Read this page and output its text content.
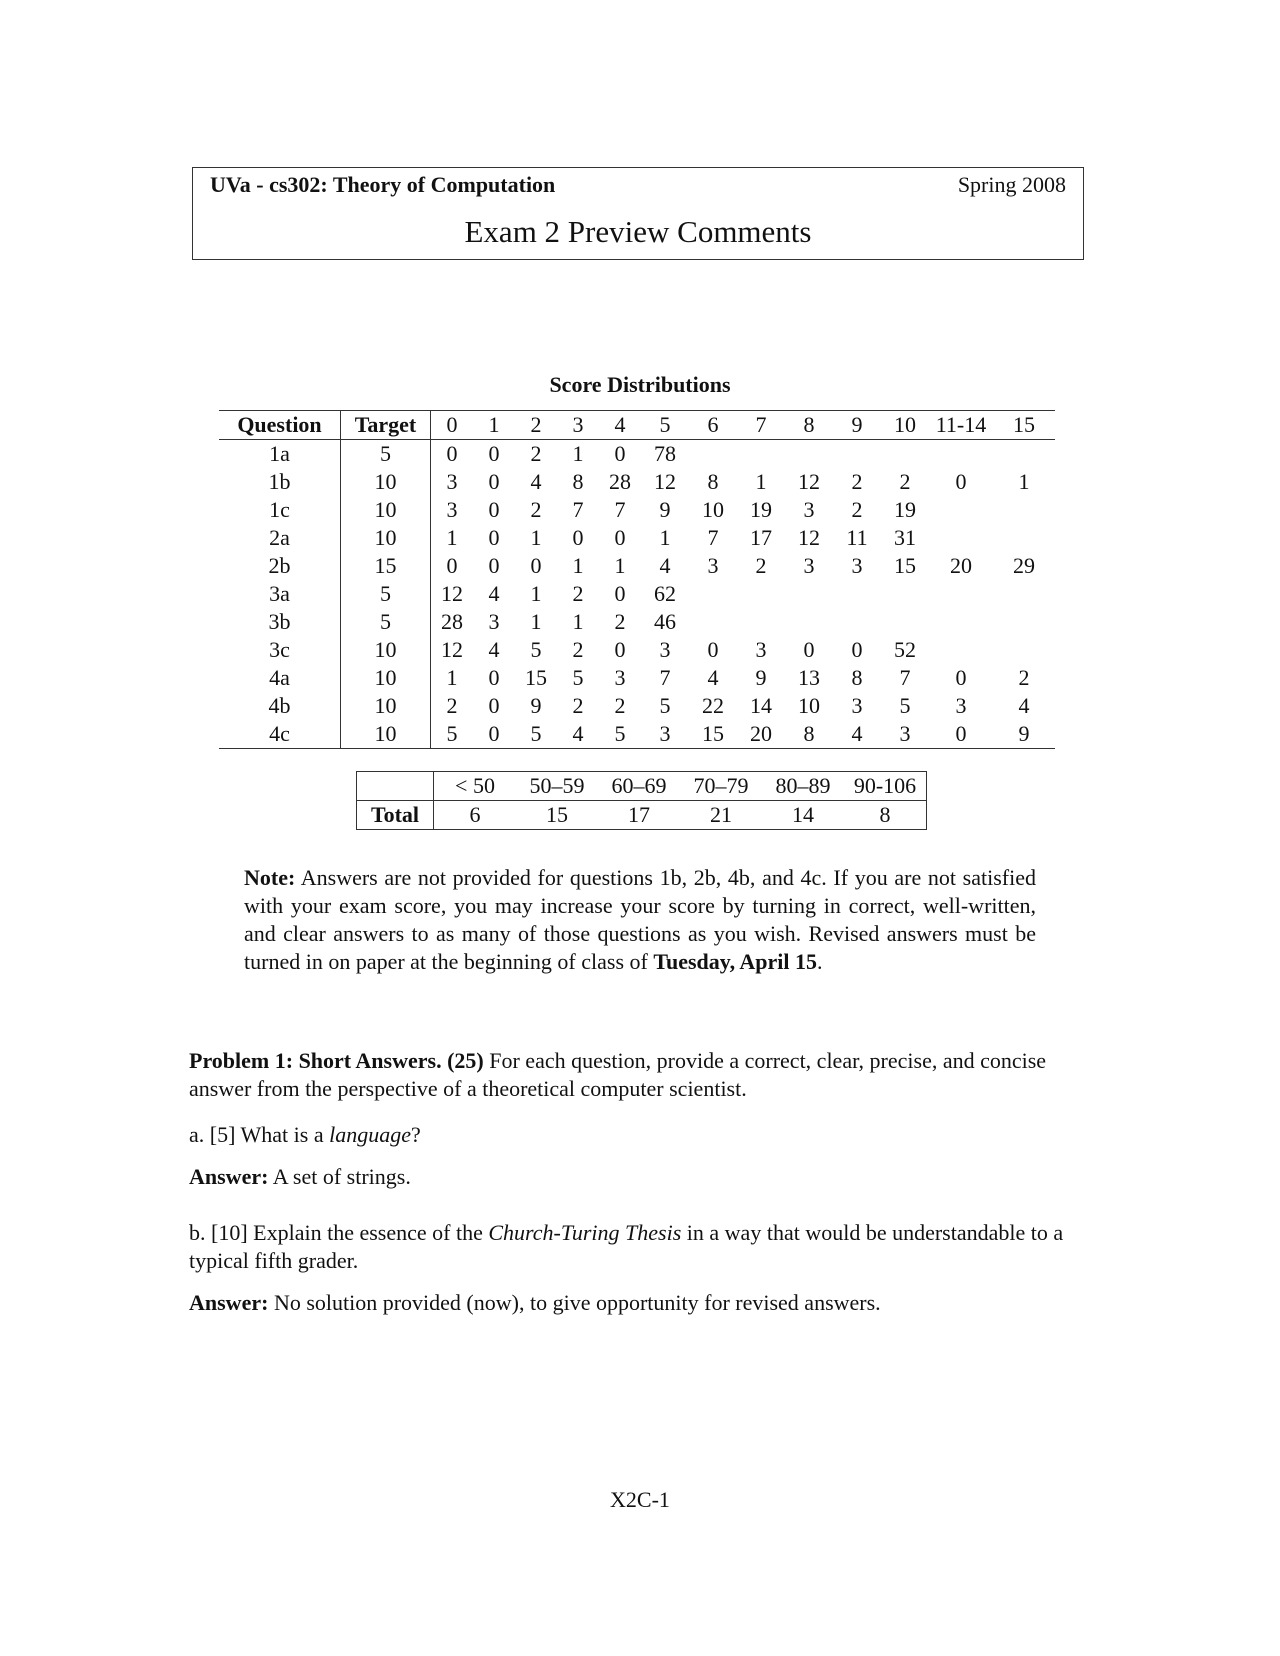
UVa - cs302: Theory of Computation	Spring 2008
Exam 2 Preview Comments
Score Distributions
Question	Target	0	1	2	3	4	5	6	7	8	9	10	11-14	15
1a	5	0	0	2	1	0	78							
1b	10	3	0	4	8	28	12	8	1	12	2	2	0	1
1c	10	3	0	2	7	7	9	10	19	3	2	19		
2a	10	1	0	1	0	0	1	7	17	12	11	31		
2b	15	0	0	0	1	1	4	3	2	3	3	15	20	29
3a	5	12	4	1	2	0	62							
3b	5	28	3	1	1	2	46							
3c	10	12	4	5	2	0	3	0	3	0	0	52		
4a	10	1	0	15	5	3	7	4	9	13	8	7	0	2
4b	10	2	0	9	2	2	5	22	14	10	3	5	3	4
4c	10	5	0	5	4	5	3	15	20	8	4	3	0	9
	< 50	50–59	60–69	70–79	80–89	90-106
Total	6	15	17	21	14	8
Note: Answers are not provided for questions 1b, 2b, 4b, and 4c. If you are not satisfied with your exam score, you may increase your score by turning in correct, well-written, and clear answers to as many of those questions as you wish. Revised answers must be turned in on paper at the beginning of class of Tuesday, April 15.
Problem 1: Short Answers. (25) For each question, provide a correct, clear, precise, and concise answer from the perspective of a theoretical computer scientist.
a. [5] What is a language?
Answer: A set of strings.
b. [10] Explain the essence of the Church-Turing Thesis in a way that would be understandable to a typical fifth grader.
Answer: No solution provided (now), to give opportunity for revised answers.
X2C-1
